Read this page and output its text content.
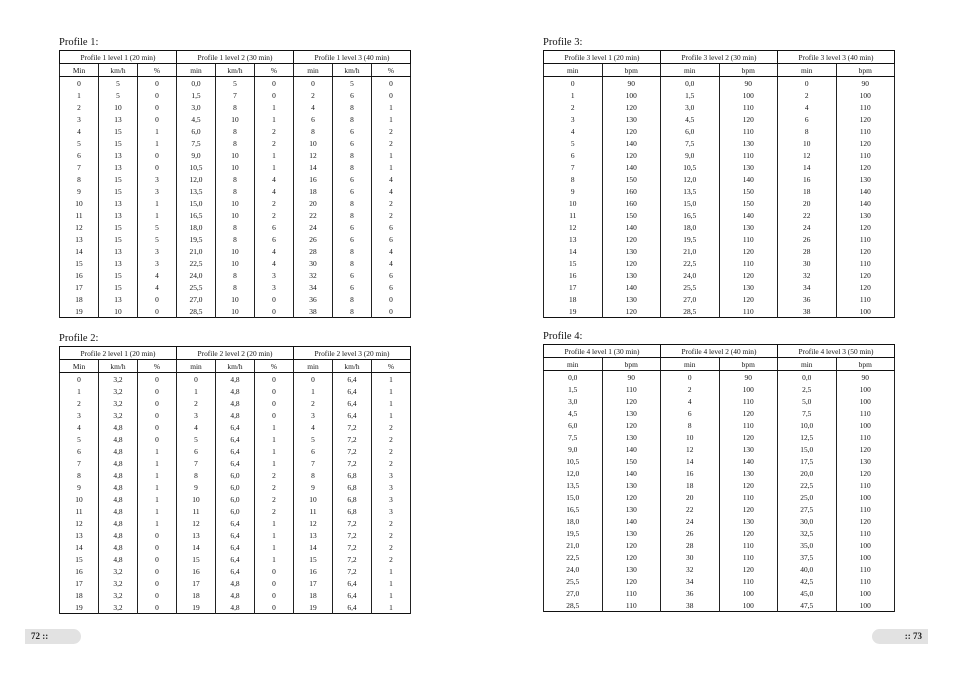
Profile 1:
Profile 1 level 1 (20 min)			Profile 1 level 2 (30 min)			Profile 1 level 3 (40 min)		
Min	km/h	%	min	km/h	%	min	km/h	%
0	5	0	0,0	5	0	0	5	0
1	5	0	1,5	7	0	2	6	0
2	10	0	3,0	8	1	4	8	1
3	13	0	4,5	10	1	6	8	1
4	15	1	6,0	8	2	8	6	2
5	15	1	7,5	8	2	10	6	2
6	13	0	9,0	10	1	12	8	1
7	13	0	10,5	10	1	14	8	1
8	15	3	12,0	8	4	16	6	4
9	15	3	13,5	8	4	18	6	4
10	13	1	15,0	10	2	20	8	2
11	13	1	16,5	10	2	22	8	2
12	15	5	18,0	8	6	24	6	6
13	15	5	19,5	8	6	26	6	6
14	13	3	21,0	10	4	28	8	4
15	13	3	22,5	10	4	30	8	4
16	15	4	24,0	8	3	32	6	6
17	15	4	25,5	8	3	34	6	6
18	13	0	27,0	10	0	36	8	0
19	10	0	28,5	10	0	38	8	0
Profile 2:
Profile 2 level 1 (20 min)			Profile 2 level 2 (20 min)			Profile 2 level 3 (20 min)		
Min	km/h	%	min	km/h	%	min	km/h	%
0	3,2	0	0	4,8	0	0	6,4	1
1	3,2	0	1	4,8	0	1	6,4	1
2	3,2	0	2	4,8	0	2	6,4	1
3	3,2	0	3	4,8	0	3	6,4	1
4	4,8	0	4	6,4	1	4	7,2	2
5	4,8	0	5	6,4	1	5	7,2	2
6	4,8	1	6	6,4	1	6	7,2	2
7	4,8	1	7	6,4	1	7	7,2	2
8	4,8	1	8	6,0	2	8	6,8	3
9	4,8	1	9	6,0	2	9	6,8	3
10	4,8	1	10	6,0	2	10	6,8	3
11	4,8	1	11	6,0	2	11	6,8	3
12	4,8	1	12	6,4	1	12	7,2	2
13	4,8	0	13	6,4	1	13	7,2	2
14	4,8	0	14	6,4	1	14	7,2	2
15	4,8	0	15	6,4	1	15	7,2	2
16	3,2	0	16	6,4	0	16	7,2	1
17	3,2	0	17	4,8	0	17	6,4	1
18	3,2	0	18	4,8	0	18	6,4	1
19	3,2	0	19	4,8	0	19	6,4	1
Profile 3:
Profile 3 level 1 (20 min)		Profile 3 level 2 (30 min)		Profile 3 level 3 (40 min)	
min	bpm	min	bpm	min	bpm
0	90	0,0	90	0	90
1	100	1,5	100	2	100
2	120	3,0	110	4	110
3	130	4,5	120	6	120
4	120	6,0	110	8	110
5	140	7,5	130	10	120
6	120	9,0	110	12	110
7	140	10,5	130	14	120
8	150	12,0	140	16	130
9	160	13,5	150	18	140
10	160	15,0	150	20	140
11	150	16,5	140	22	130
12	140	18,0	130	24	120
13	120	19,5	110	26	110
14	130	21,0	120	28	120
15	120	22,5	110	30	110
16	130	24,0	120	32	120
17	140	25,5	130	34	120
18	130	27,0	120	36	110
19	120	28,5	110	38	100
Profile 4:
Profile 4 level 1 (30 min)		Profile 4 level 2 (40 min)		Profile 4 level 3 (50 min)	
min	bpm	min	bpm	min	bpm
0,0	90	0	90	0,0	90
1,5	110	2	100	2,5	100
3,0	120	4	110	5,0	100
4,5	130	6	120	7,5	110
6,0	120	8	110	10,0	100
7,5	130	10	120	12,5	110
9,0	140	12	130	15,0	120
10,5	150	14	140	17,5	130
12,0	140	16	130	20,0	120
13,5	130	18	120	22,5	110
15,0	120	20	110	25,0	100
16,5	130	22	120	27,5	110
18,0	140	24	130	30,0	120
19,5	130	26	120	32,5	110
21,0	120	28	110	35,0	100
22,5	120	30	110	37,5	100
24,0	130	32	120	40,0	110
25,5	120	34	110	42,5	110
27,0	110	36	100	45,0	100
28,5	110	38	100	47,5	100
72 ::	:: 73
